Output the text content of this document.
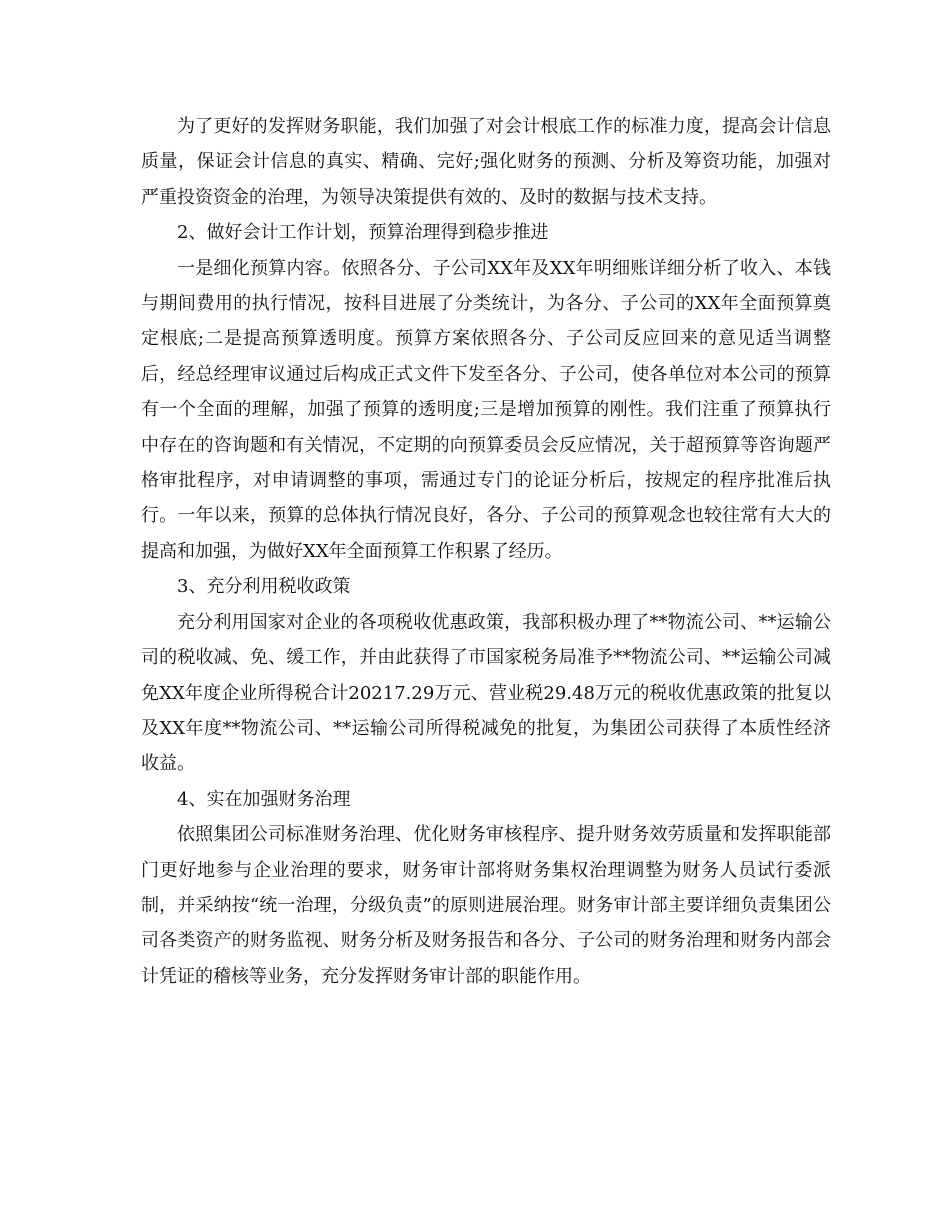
为了更好的发挥财务职能，我们加强了对会计根底工作的标准力度，提高会计信息质量，保证会计信息的真实、精确、完好;强化财务的预测、分析及筹资功能，加强对严重投资资金的治理，为领导决策提供有效的、及时的数据与技术支持。

2、做好会计工作计划，预算治理得到稳步推进

一是细化预算内容。依照各分、子公司XX年及XX年明细账详细分析了收入、本钱与期间费用的执行情况，按科目进展了分类统计，为各分、子公司的XX年全面预算奠定根底;二是提高预算透明度。预算方案依照各分、子公司反应回来的意见适当调整后，经总经理审议通过后构成正式文件下发至各分、子公司，使各单位对本公司的预算有一个全面的理解，加强了预算的透明度;三是增加预算的刚性。我们注重了预算执行中存在的咨询题和有关情况，不定期的向预算委员会反应情况，关于超预算等咨询题严格审批程序，对申请调整的事项，需通过专门的论证分析后，按规定的程序批准后执行。一年以来，预算的总体执行情况良好，各分、子公司的预算观念也较往常有大大的提高和加强，为做好XX年全面预算工作积累了经历。

3、充分利用税收政策

充分利用国家对企业的各项税收优惠政策，我部积极办理了**物流公司、**运输公司的税收减、免、缓工作，并由此获得了市国家税务局准予**物流公司、**运输公司减免XX年度企业所得税合计20217.29万元、营业税29.48万元的税收优惠政策的批复以及XX年度**物流公司、**运输公司所得税减免的批复，为集团公司获得了本质性经济收益。

4、实在加强财务治理

依照集团公司标准财务治理、优化财务审核程序、提升财务效劳质量和发挥职能部门更好地参与企业治理的要求，财务审计部将财务集权治理调整为财务人员试行委派制，并采纳按“统一治理，分级负责”的原则进展治理。财务审计部主要详细负责集团公司各类资产的财务监视、财务分析及财务报告和各分、子公司的财务治理和财务内部会计凭证的稽核等业务，充分发挥财务审计部的职能作用。
